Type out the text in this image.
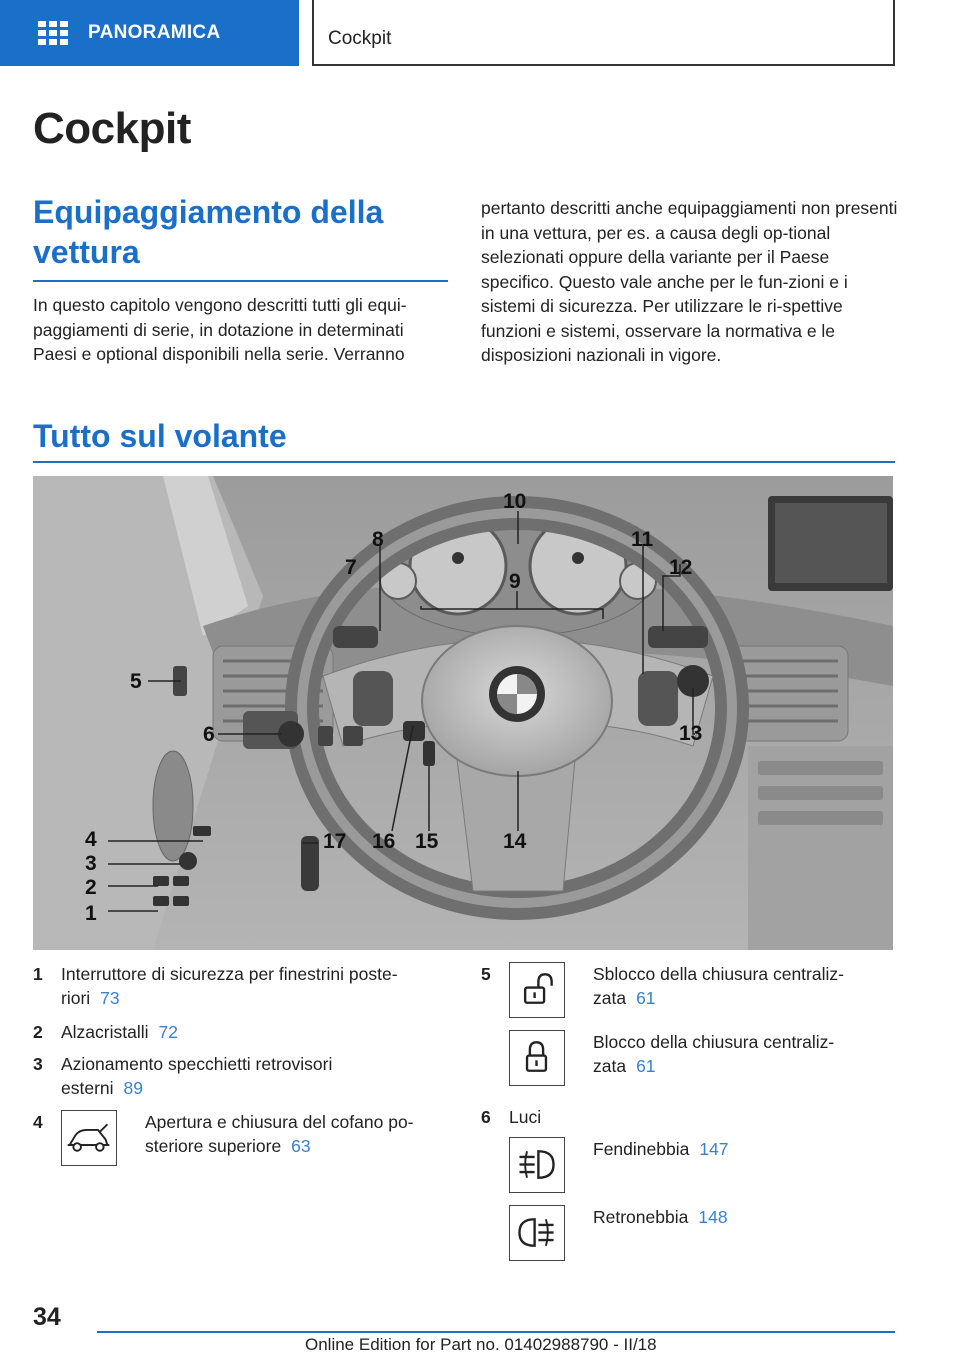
PANORAMICA	Cockpit
Cockpit
Equipaggiamento della vettura

In questo capitolo vengono descritti tutti gli equi-paggiamenti di serie, in dotazione in determinati Paesi e optional disponibili nella serie. Verranno

pertanto descritti anche equipaggiamenti non presenti in una vettura, per es. a causa degli op-tional selezionati oppure della variante per il Paese specifico. Questo vale anche per le fun-zioni e i sistemi di sicurezza. Per utilizzare le ri-spettive funzioni e sistemi, osservare la normativa e le disposizioni nazionali in vigore.

Tutto sul volante
1
2
3
4
5
6
7
8
9
10
11
12
13
14
15
16
17
1 Interruttore di sicurezza per finestrini poste-
riori 73
2 Alzacristalli 72
3 Azionamento specchietti retrovisori
esterni 89
4	Apertura e chiusura del cofano po-
steriore superiore 63
5	Sblocco della chiusura centraliz-
zata 61
Blocco della chiusura centraliz-
zata 61
6 Luci
Fendinebbia 147
Retronebbia 148
34
Online Edition for Part no. 01402988790 - II/18
